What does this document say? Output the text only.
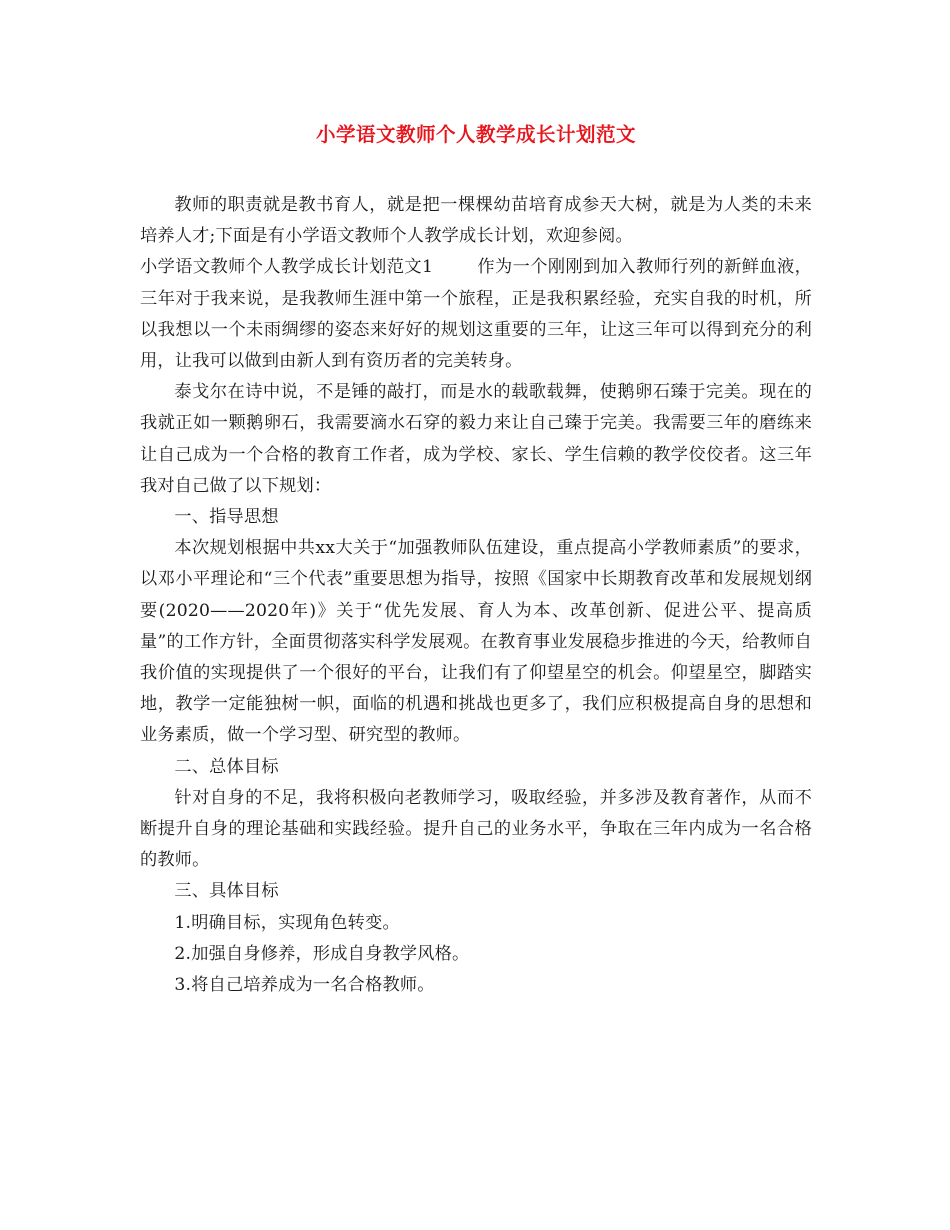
小学语文教师个人教学成长计划范文

教师的职责就是教书育人，就是把一棵棵幼苗培育成参天大树，就是为人类的未来培养人才;下面是有小学语文教师个人教学成长计划，欢迎参阅。

小学语文教师个人教学成长计划范文1	作为一个刚刚到加入教师行列的新鲜血液，三年对于我来说，是我教师生涯中第一个旅程，正是我积累经验，充实自我的时机，所以我想以一个未雨绸缪的姿态来好好的规划这重要的三年，让这三年可以得到充分的利用，让我可以做到由新人到有资历者的完美转身。

泰戈尔在诗中说，不是锤的敲打，而是水的载歌载舞，使鹅卵石臻于完美。现在的我就正如一颗鹅卵石，我需要滴水石穿的毅力来让自己臻于完美。我需要三年的磨练来让自己成为一个合格的教育工作者，成为学校、家长、学生信赖的教学佼佼者。这三年我对自己做了以下规划：

一、指导思想

本次规划根据中共xx大关于“加强教师队伍建设，重点提高小学教师素质”的要求，以邓小平理论和“三个代表”重要思想为指导，按照《国家中长期教育改革和发展规划纲要(2020——2020年)》关于“优先发展、育人为本、改革创新、促进公平、提高质量”的工作方针，全面贯彻落实科学发展观。在教育事业发展稳步推进的今天，给教师自我价值的实现提供了一个很好的平台，让我们有了仰望星空的机会。仰望星空，脚踏实地，教学一定能独树一帜，面临的机遇和挑战也更多了，我们应积极提高自身的思想和业务素质，做一个学习型、研究型的教师。

二、总体目标

针对自身的不足，我将积极向老教师学习，吸取经验，并多涉及教育著作，从而不断提升自身的理论基础和实践经验。提升自己的业务水平，争取在三年内成为一名合格的教师。

三、具体目标

1.明确目标，实现角色转变。

2.加强自身修养，形成自身教学风格。

3.将自己培养成为一名合格教师。
